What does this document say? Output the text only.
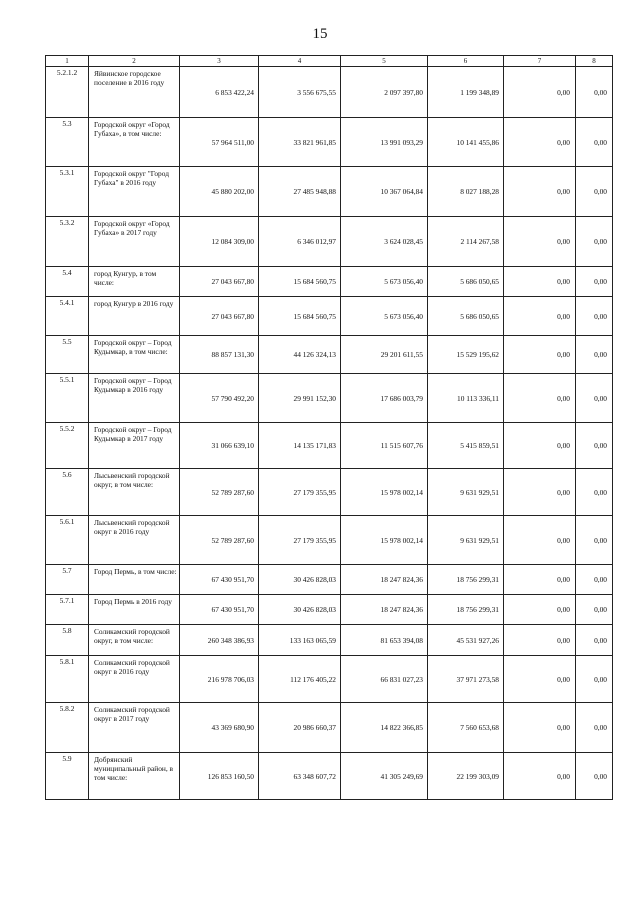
15
1	2	3	4	5	6	7	8
5.2.1.2	Яйвинское городское поселение в 2016 году	6 853 422,24	3 556 675,55	2 097 397,80	1 199 348,89	0,00	0,00
5.3	Городской округ «Город Губаха», в том числе:	57 964 511,00	33 821 961,85	13 991 093,29	10 141 455,86	0,00	0,00
5.3.1	Городской округ "Город Губаха" в 2016 году	45 880 202,00	27 485 948,88	10 367 064,84	8 027 188,28	0,00	0,00
5.3.2	Городской округ «Город Губаха» в 2017 году	12 084 309,00	6 346 012,97	3 624 028,45	2 114 267,58	0,00	0,00
5.4	город Кунгур, в том числе:	27 043 667,80	15 684 560,75	5 673 056,40	5 686 050,65	0,00	0,00
5.4.1	город Кунгур в 2016 году	27 043 667,80	15 684 560,75	5 673 056,40	5 686 050,65	0,00	0,00
5.5	Городской округ – Город Кудымкар, в том числе:	88 857 131,30	44 126 324,13	29 201 611,55	15 529 195,62	0,00	0,00
5.5.1	Городской округ – Город Кудымкар в 2016 году	57 790 492,20	29 991 152,30	17 686 003,79	10 113 336,11	0,00	0,00
5.5.2	Городской округ – Город Кудымкар в 2017 году	31 066 639,10	14 135 171,83	11 515 607,76	5 415 859,51	0,00	0,00
5.6	Лысьвенский городской округ, в том числе:	52 789 287,60	27 179 355,95	15 978 002,14	9 631 929,51	0,00	0,00
5.6.1	Лысьвенский городской округ в 2016 году	52 789 287,60	27 179 355,95	15 978 002,14	9 631 929,51	0,00	0,00
5.7	Город Пермь, в том числе:	67 430 951,70	30 426 828,03	18 247 824,36	18 756 299,31	0,00	0,00
5.7.1	Город Пермь в 2016 году	67 430 951,70	30 426 828,03	18 247 824,36	18 756 299,31	0,00	0,00
5.8	Соликамский городской округ, в том числе:	260 348 386,93	133 163 065,59	81 653 394,08	45 531 927,26	0,00	0,00
5.8.1	Соликамский городской округ в 2016 году	216 978 706,03	112 176 405,22	66 831 027,23	37 971 273,58	0,00	0,00
5.8.2	Соликамский городской округ в 2017 году	43 369 680,90	20 986 660,37	14 822 366,85	7 560 653,68	0,00	0,00
5.9	Добрянский муниципальный район, в том числе:	126 853 160,50	63 348 607,72	41 305 249,69	22 199 303,09	0,00	0,00
